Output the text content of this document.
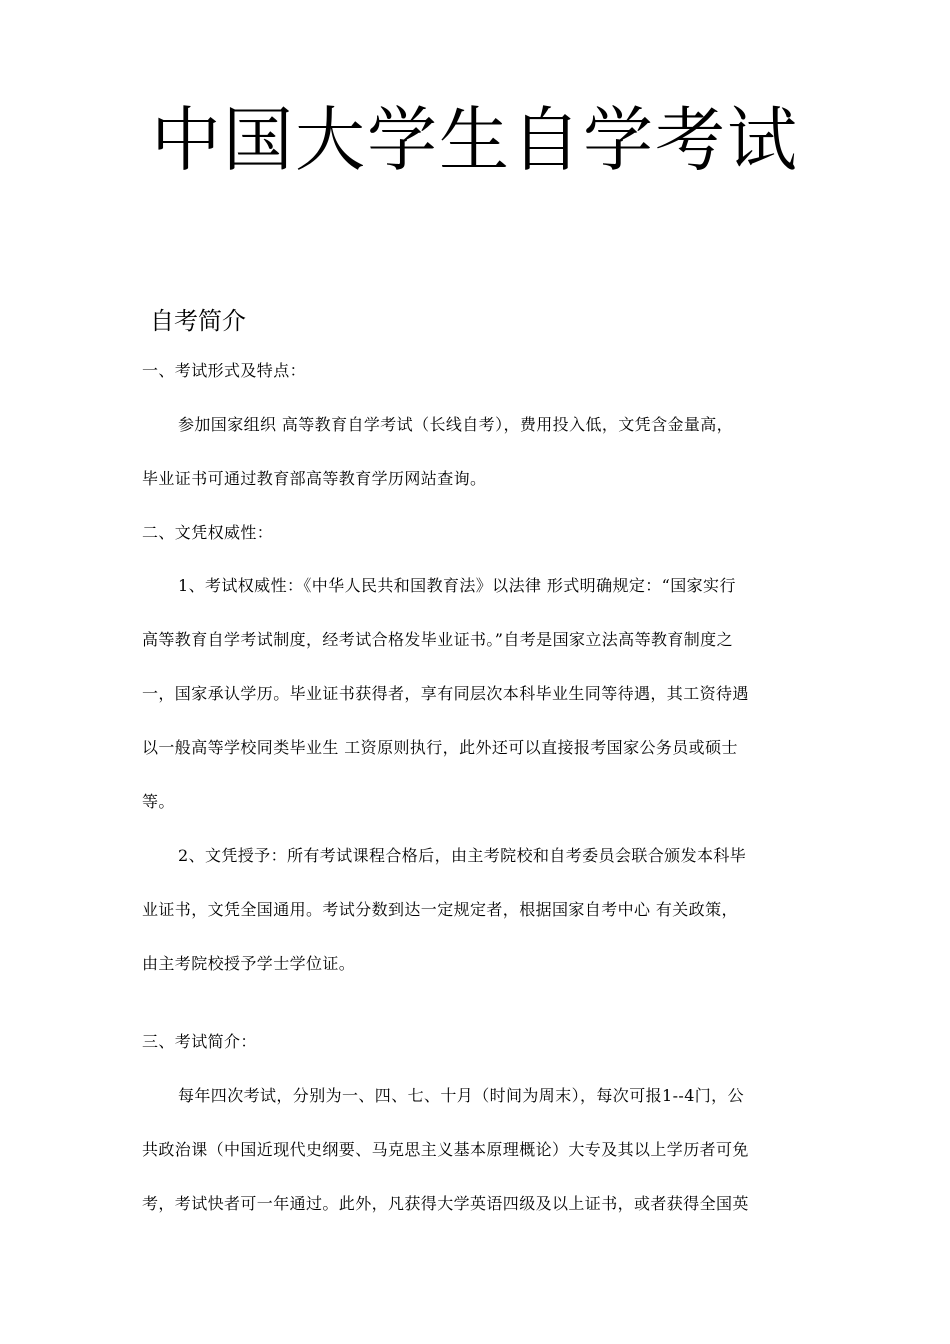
中国大学生自学考试
自考简介
一、考试形式及特点：
参加国家组织 高等教育自学考试（长线自考），费用投入低，文凭含金量高，
毕业证书可通过教育部高等教育学历网站查询。
二、文凭权威性：
1、考试权威性：《中华人民共和国教育法》以法律 形式明确规定：“国家实行
高等教育自学考试制度，经考试合格发毕业证书。”自考是国家立法高等教育制度之
一，国家承认学历。毕业证书获得者，享有同层次本科毕业生同等待遇，其工资待遇
以一般高等学校同类毕业生 工资原则执行，此外还可以直接报考国家公务员或硕士
等。
2、文凭授予：所有考试课程合格后，由主考院校和自考委员会联合颁发本科毕
业证书，文凭全国通用。考试分数到达一定规定者，根据国家自考中心 有关政策，
由主考院校授予学士学位证。
三、考试简介：
每年四次考试，分别为一、四、七、十月（时间为周末），每次可报1--4门，公
共政治课（中国近现代史纲要、马克思主义基本原理概论）大专及其以上学历者可免
考，考试快者可一年通过。此外，凡获得大学英语四级及以上证书，或者获得全国英
